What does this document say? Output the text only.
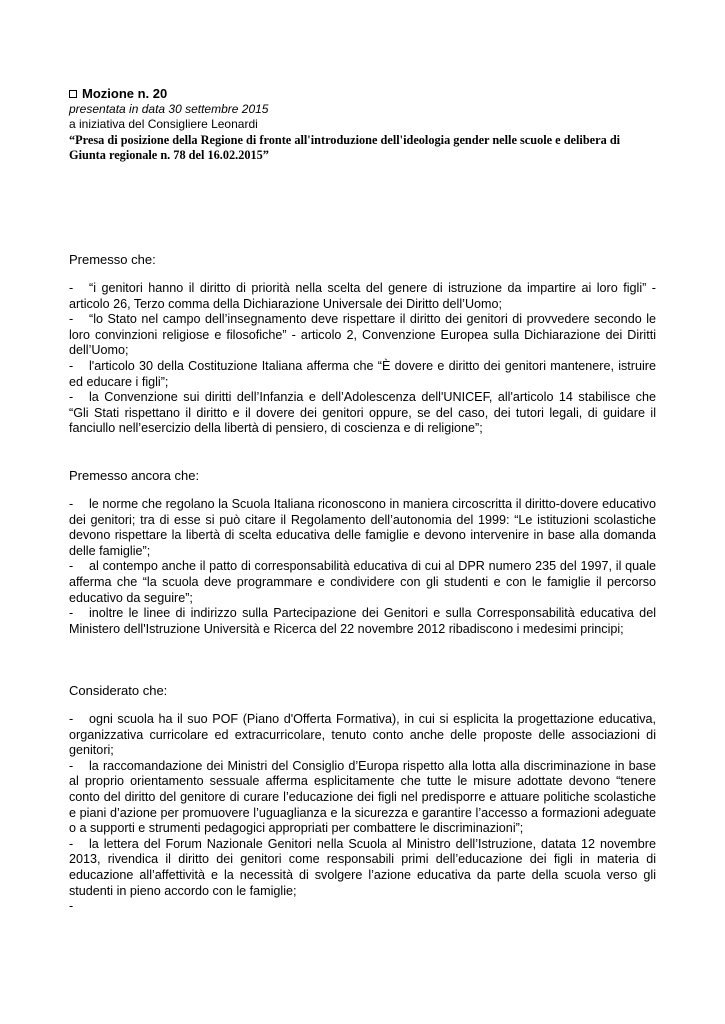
Mozione n. 20
presentata in data 30 settembre 2015
a iniziativa del Consigliere Leonardi
“Presa di posizione della Regione di fronte all'introduzione dell'ideologia gender nelle scuole e delibera di Giunta regionale n. 78 del 16.02.2015”
Premesso che:
- “i genitori hanno il diritto di priorità nella scelta del genere di istruzione da impartire ai loro figli” - articolo 26, Terzo comma della Dichiarazione Universale dei Diritto dell’Uomo;
- “lo Stato nel campo dell’insegnamento deve rispettare il diritto dei genitori di provvedere secondo le loro convinzioni religiose e filosofiche” - articolo 2, Convenzione Europea sulla Dichiarazione dei Diritti dell’Uomo;
- l'articolo 30 della Costituzione Italiana afferma che “È dovere e diritto dei genitori mantenere, istruire ed educare i figli”;
- la Convenzione sui diritti dell’Infanzia e dell’Adolescenza dell'UNICEF, all'articolo 14 stabilisce che “Gli Stati rispettano il diritto e il dovere dei genitori oppure, se del caso, dei tutori legali, di guidare il fanciullo nell’esercizio della libertà di pensiero, di coscienza e di religione”;
Premesso ancora che:
- le norme che regolano la Scuola Italiana riconoscono in maniera circoscritta il diritto-dovere educativo dei genitori; tra di esse si può citare il Regolamento dell’autonomia del 1999: “Le istituzioni scolastiche devono rispettare la libertà di scelta educativa delle famiglie e devono intervenire in base alla domanda delle famiglie”;
- al contempo anche il patto di corresponsabilità educativa di cui al DPR numero 235 del 1997, il quale afferma che “la scuola deve programmare e condividere con gli studenti e con le famiglie il percorso educativo da seguire”;
- inoltre le linee di indirizzo sulla Partecipazione dei Genitori e sulla Corresponsabilità educativa del Ministero dell'Istruzione Università e Ricerca del 22 novembre 2012 ribadiscono i medesimi principi;
Considerato che:
- ogni scuola ha il suo POF (Piano d'Offerta Formativa), in cui si esplicita la progettazione educativa, organizzativa curricolare ed extracurricolare, tenuto conto anche delle proposte delle associazioni di genitori;
- la raccomandazione dei Ministri del Consiglio d’Europa rispetto alla lotta alla discriminazione in base al proprio orientamento sessuale afferma esplicitamente che tutte le misure adottate devono “tenere conto del diritto del genitore di curare l’educazione dei figli nel predisporre e attuare politiche scolastiche e piani d’azione per promuovere l’uguaglianza e la sicurezza e garantire l’accesso a formazioni adeguate o a supporti e strumenti pedagogici appropriati per combattere le discriminazioni”;
- la lettera del Forum Nazionale Genitori nella Scuola al Ministro dell’Istruzione, datata 12 novembre 2013, rivendica il diritto dei genitori come responsabili primi dell’educazione dei figli in materia di educazione all’affettività e la necessità di svolgere l’azione educativa da parte della scuola verso gli studenti in pieno accordo con le famiglie;
-
